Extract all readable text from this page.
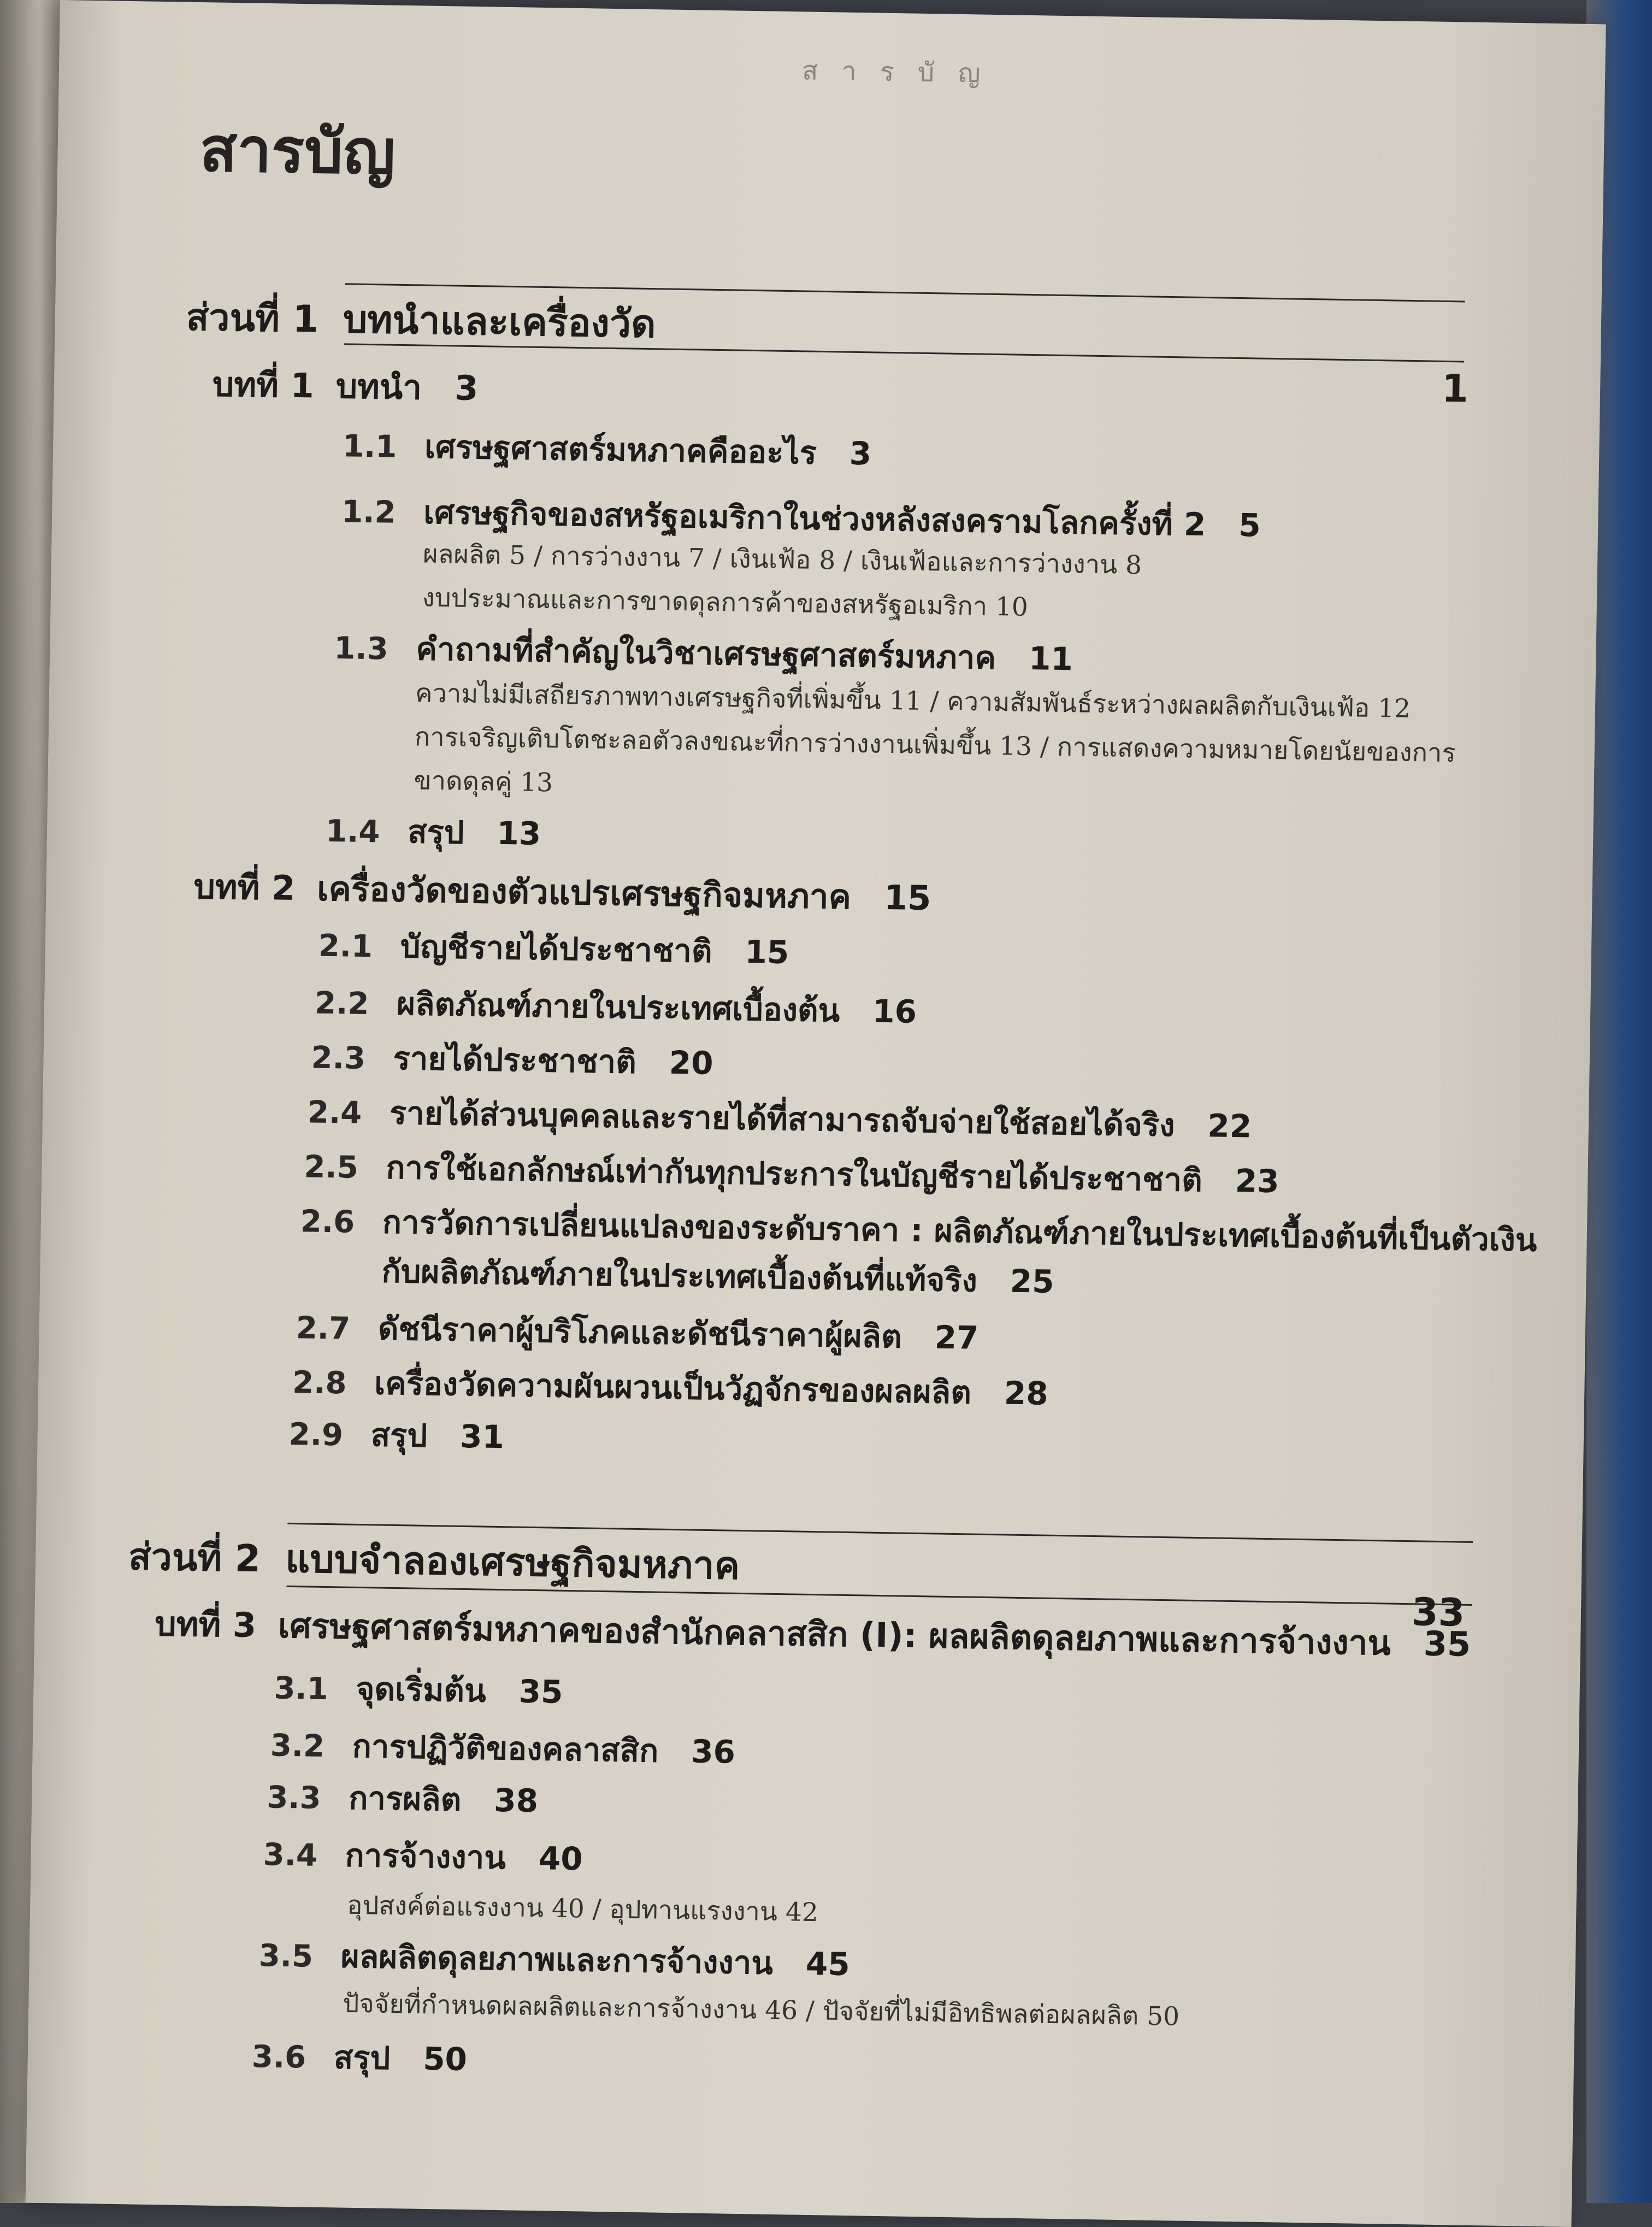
ส า ร บั ญ
สารบัญ
ส่วนที่ 1 บทนำและเครื่องวัด
1
บทที่ 1 บทนำ 3
1.1 เศรษฐศาสตร์มหภาคคืออะไร 3
1.2 เศรษฐกิจของสหรัฐอเมริกาในช่วงหลังสงครามโลกครั้งที่ 2 5
ผลผลิต 5 / การว่างงาน 7 / เงินเฟ้อ 8 / เงินเฟ้อและการว่างงาน 8
งบประมาณและการขาดดุลการค้าของสหรัฐอเมริกา 10
1.3 คำถามที่สำคัญในวิชาเศรษฐศาสตร์มหภาค 11
ความไม่มีเสถียรภาพทางเศรษฐกิจที่เพิ่มขึ้น 11 / ความสัมพันธ์ระหว่างผลผลิตกับเงินเฟ้อ 12
การเจริญเติบโตชะลอตัวลงขณะที่การว่างงานเพิ่มขึ้น 13 / การแสดงความหมายโดยนัยของการ
ขาดดุลคู่ 13
1.4 สรุป 13
บทที่ 2 เครื่องวัดของตัวแปรเศรษฐกิจมหภาค 15
2.1 บัญชีรายได้ประชาชาติ 15
2.2 ผลิตภัณฑ์ภายในประเทศเบื้องต้น 16
2.3 รายได้ประชาชาติ 20
2.4 รายได้ส่วนบุคคลและรายได้ที่สามารถจับจ่ายใช้สอยได้จริง 22
2.5 การใช้เอกลักษณ์เท่ากันทุกประการในบัญชีรายได้ประชาชาติ 23
2.6 การวัดการเปลี่ยนแปลงของระดับราคา : ผลิตภัณฑ์ภายในประเทศเบื้องต้นที่เป็นตัวเงิน
กับผลิตภัณฑ์ภายในประเทศเบื้องต้นที่แท้จริง 25
2.7 ดัชนีราคาผู้บริโภคและดัชนีราคาผู้ผลิต 27
2.8 เครื่องวัดความผันผวนเป็นวัฏจักรของผลผลิต 28
2.9 สรุป 31
ส่วนที่ 2 แบบจำลองเศรษฐกิจมหภาค
33
บทที่ 3 เศรษฐศาสตร์มหภาคของสำนักคลาสสิก (I): ผลผลิตดุลยภาพและการจ้างงาน 35
3.1 จุดเริ่มต้น 35
3.2 การปฏิวัติของคลาสสิก 36
3.3 การผลิต 38
3.4 การจ้างงาน 40
อุปสงค์ต่อแรงงาน 40 / อุปทานแรงงาน 42
3.5 ผลผลิตดุลยภาพและการจ้างงาน 45
ปัจจัยที่กำหนดผลผลิตและการจ้างงาน 46 / ปัจจัยที่ไม่มีอิทธิพลต่อผลผลิต 50
3.6 สรุป 50
